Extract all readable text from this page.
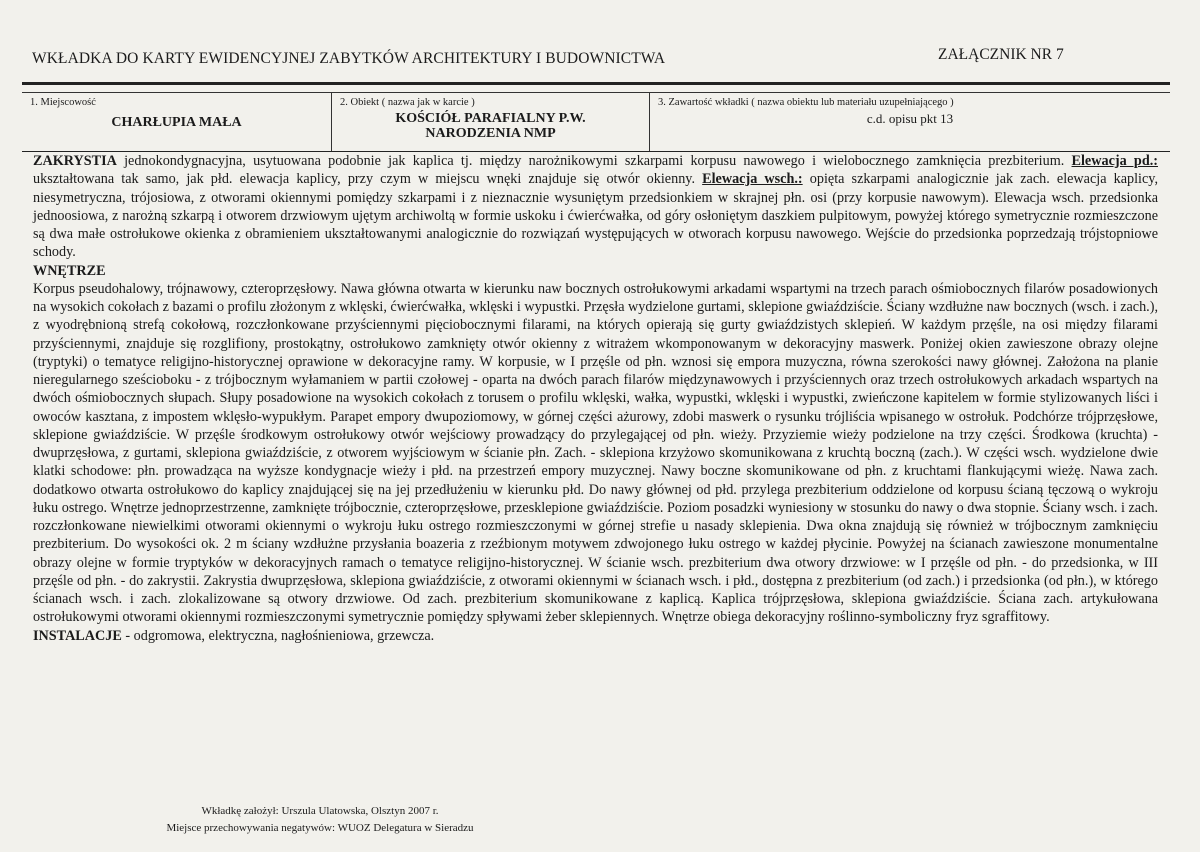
WKŁADKA DO KARTY EWIDENCYJNEJ ZABYTKÓW ARCHITEKTURY I BUDOWNICTWA	ZAŁĄCZNIK NR 7
1. Miejscowość
CHARŁUPIA MAŁA
2. Obiekt ( nazwa jak w karcie )
KOŚCIÓŁ PARAFIALNY P.W.
NARODZENIA NMP
3. Zawartość wkładki ( nazwa obiektu lub materiału uzupełniającego )
c.d. opisu pkt 13

ZAKRYSTIA jednokondygnacyjna, usytuowana podobnie jak kaplica tj. między narożnikowymi szkarpami korpusu nawowego i wielobocznego zamknięcia prezbiterium. Elewacja pd.: ukształtowana tak samo, jak płd. elewacja kaplicy, przy czym w miejscu wnęki znajduje się otwór okienny. Elewacja wsch.: opięta szkarpami analogicznie jak zach. elewacja kaplicy, niesymetryczna, trójosiowa, z otworami okiennymi pomiędzy szkarpami i z nieznacznie wysuniętym przedsionkiem w skrajnej płn. osi (przy korpusie nawowym). Elewacja wsch. przedsionka jednoosiowa, z narożną szkarpą i otworem drzwiowym ujętym archiwoltą w formie uskoku i ćwierćwałka, od góry osłoniętym daszkiem pulpitowym, powyżej którego symetrycznie rozmieszczone są dwa małe ostrołukowe okienka z obramieniem ukształtowanymi analogicznie do rozwiązań występujących w otworach korpusu nawowego. Wejście do przedsionka poprzedzają trójstopniowe schody.

WNĘTRZE
Korpus pseudohalowy, trójnawowy, czteroprzęsłowy. Nawa główna otwarta w kierunku naw bocznych ostrołukowymi arkadami wspartymi na trzech parach ośmiobocznych filarów posadowionych na wysokich cokołach z bazami o profilu złożonym z wklęski, ćwierćwałka, wklęski i wypustki. Przęsła wydzielone gurtami, sklepione gwiaździście. Ściany wzdłużne naw bocznych (wsch. i zach.), z wyodrębnioną strefą cokołową, rozczłonkowane przyściennymi pięciobocznymi filarami, na których opierają się gurty gwiaździstych sklepień. W każdym przęśle, na osi między filarami przyściennymi, znajduje się rozglifiony, prostokątny, ostrołukowo zamknięty otwór okienny z witrażem wkomponowanym w dekoracyjny maswerk. Poniżej okien zawieszone obrazy olejne (tryptyki) o tematyce religijno-historycznej oprawione w dekoracyjne ramy. W korpusie, w I przęśle od płn. wznosi się empora muzyczna, równa szerokości nawy głównej. Założona na planie nieregularnego sześcioboku - z trójbocznym wyłamaniem w partii czołowej - oparta na dwóch parach filarów międzynawowych i przyściennych oraz trzech ostrołukowych arkadach wspartych na dwóch ośmiobocznych słupach. Słupy posadowione na wysokich cokołach z torusem o profilu wklęski, wałka, wypustki, wklęski i wypustki, zwieńczone kapitelem w formie stylizowanych liści i owoców kasztana, z impostem wklęsło-wypukłym. Parapet empory dwupoziomowy, w górnej części ażurowy, zdobi maswerk o rysunku trójliścia wpisanego w ostrołuk. Podchórze trójprzęsłowe, sklepione gwiaździście. W przęśle środkowym ostrołukowy otwór wejściowy prowadzący do przylegającej od płn. wieży. Przyziemie wieży podzielone na trzy części. Środkowa (kruchta) - dwuprzęsłowa, z gurtami, sklepiona gwiaździście, z otworem wyjściowym w ścianie płn. Zach. - sklepiona krzyżowo skomunikowana z kruchtą boczną (zach.). W części wsch. wydzielone dwie klatki schodowe: płn. prowadząca na wyższe kondygnacje wieży i płd. na przestrzeń empory muzycznej. Nawy boczne skomunikowane od płn. z kruchtami flankującymi wieżę. Nawa zach. dodatkowo otwarta ostrołukowo do kaplicy znajdującej się na jej przedłużeniu w kierunku płd. Do nawy głównej od płd. przylega prezbiterium oddzielone od korpusu ścianą tęczową o wykroju łuku ostrego. Wnętrze jednoprzestrzenne, zamknięte trójbocznie, czteroprzęsłowe, przesklepione gwiaździście. Poziom posadzki wyniesiony w stosunku do nawy o dwa stopnie. Ściany wsch. i zach. rozczłonkowane niewielkimi otworami okiennymi o wykroju łuku ostrego rozmieszczonymi w górnej strefie u nasady sklepienia. Dwa okna znajdują się również w trójbocznym zamknięciu prezbiterium. Do wysokości ok. 2 m ściany wzdłużne przysłania boazeria z rzeźbionym motywem zdwojonego łuku ostrego w każdej płycinie. Powyżej na ścianach zawieszone monumentalne obrazy olejne w formie tryptyków w dekoracyjnych ramach o tematyce religijno-historycznej. W ścianie wsch. prezbiterium dwa otwory drzwiowe: w I przęśle od płn. - do przedsionka, w III przęśle od płn. - do zakrystii. Zakrystia dwuprzęsłowa, sklepiona gwiaździście, z otworami okiennymi w ścianach wsch. i płd., dostępna z prezbiterium (od zach.) i przedsionka (od płn.), w którego ścianach wsch. i zach. zlokalizowane są otwory drzwiowe. Od zach. prezbiterium skomunikowane z kaplicą. Kaplica trójprzęsłowa, sklepiona gwiaździście. Ściana zach. artykułowana ostrołukowymi otworami okiennymi rozmieszczonymi symetrycznie pomiędzy spływami żeber sklepiennych. Wnętrze obiega dekoracyjny roślinno-symboliczny fryz sgraffitowy.

INSTALACJE - odgromowa, elektryczna, nagłośnieniowa, grzewcza.

Wkładkę założył: Urszula Ulatowska, Olsztyn 2007 r.
Miejsce przechowywania negatywów: WUOZ Delegatura w Sieradzu
